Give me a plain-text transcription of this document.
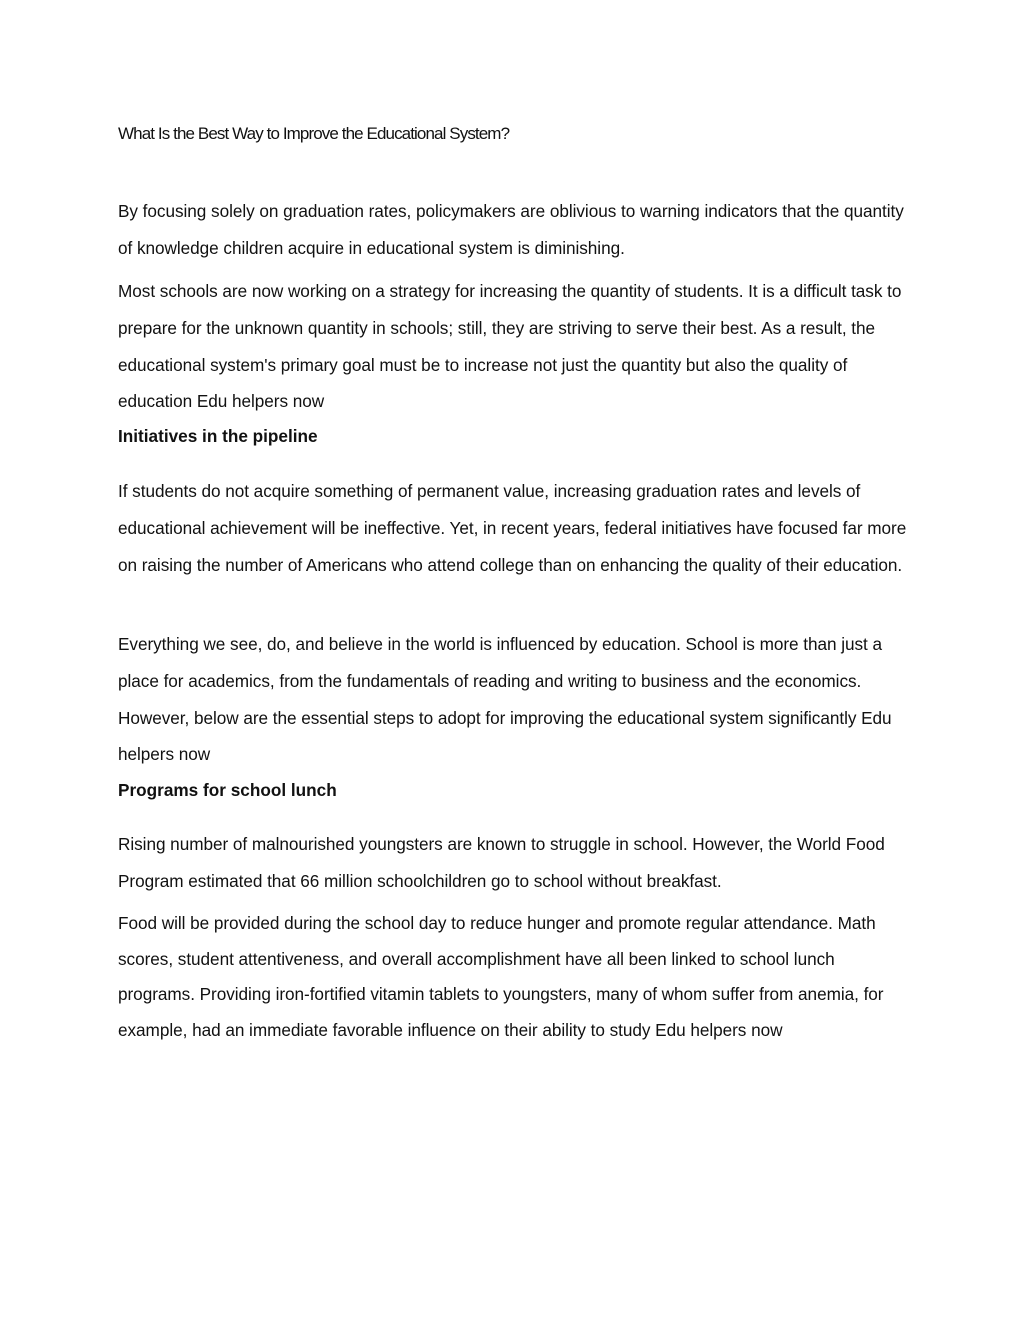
What Is the Best Way to Improve the Educational System?

By focusing solely on graduation rates, policymakers are oblivious to warning indicators that the quantity of knowledge children acquire in educational system is diminishing.

Most schools are now working on a strategy for increasing the quantity of students. It is a difficult task to prepare for the unknown quantity in schools; still, they are striving to serve their best. As a result, the educational system's primary goal must be to increase not just the quantity but also the quality of education Edu helpers now

Initiatives in the pipeline

If students do not acquire something of permanent value, increasing graduation rates and levels of educational achievement will be ineffective. Yet, in recent years, federal initiatives have focused far more on raising the number of Americans who attend college than on enhancing the quality of their education.

Everything we see, do, and believe in the world is influenced by education. School is more than just a place for academics, from the fundamentals of reading and writing to business and the economics. However, below are the essential steps to adopt for improving the educational system significantly Edu helpers now

Programs for school lunch

Rising number of malnourished youngsters are known to struggle in school. However, the World Food Program estimated that 66 million schoolchildren go to school without breakfast.

Food will be provided during the school day to reduce hunger and promote regular attendance. Math scores, student attentiveness, and overall accomplishment have all been linked to school lunch programs. Providing iron-fortified vitamin tablets to youngsters, many of whom suffer from anemia, for example, had an immediate favorable influence on their ability to study Edu helpers now
